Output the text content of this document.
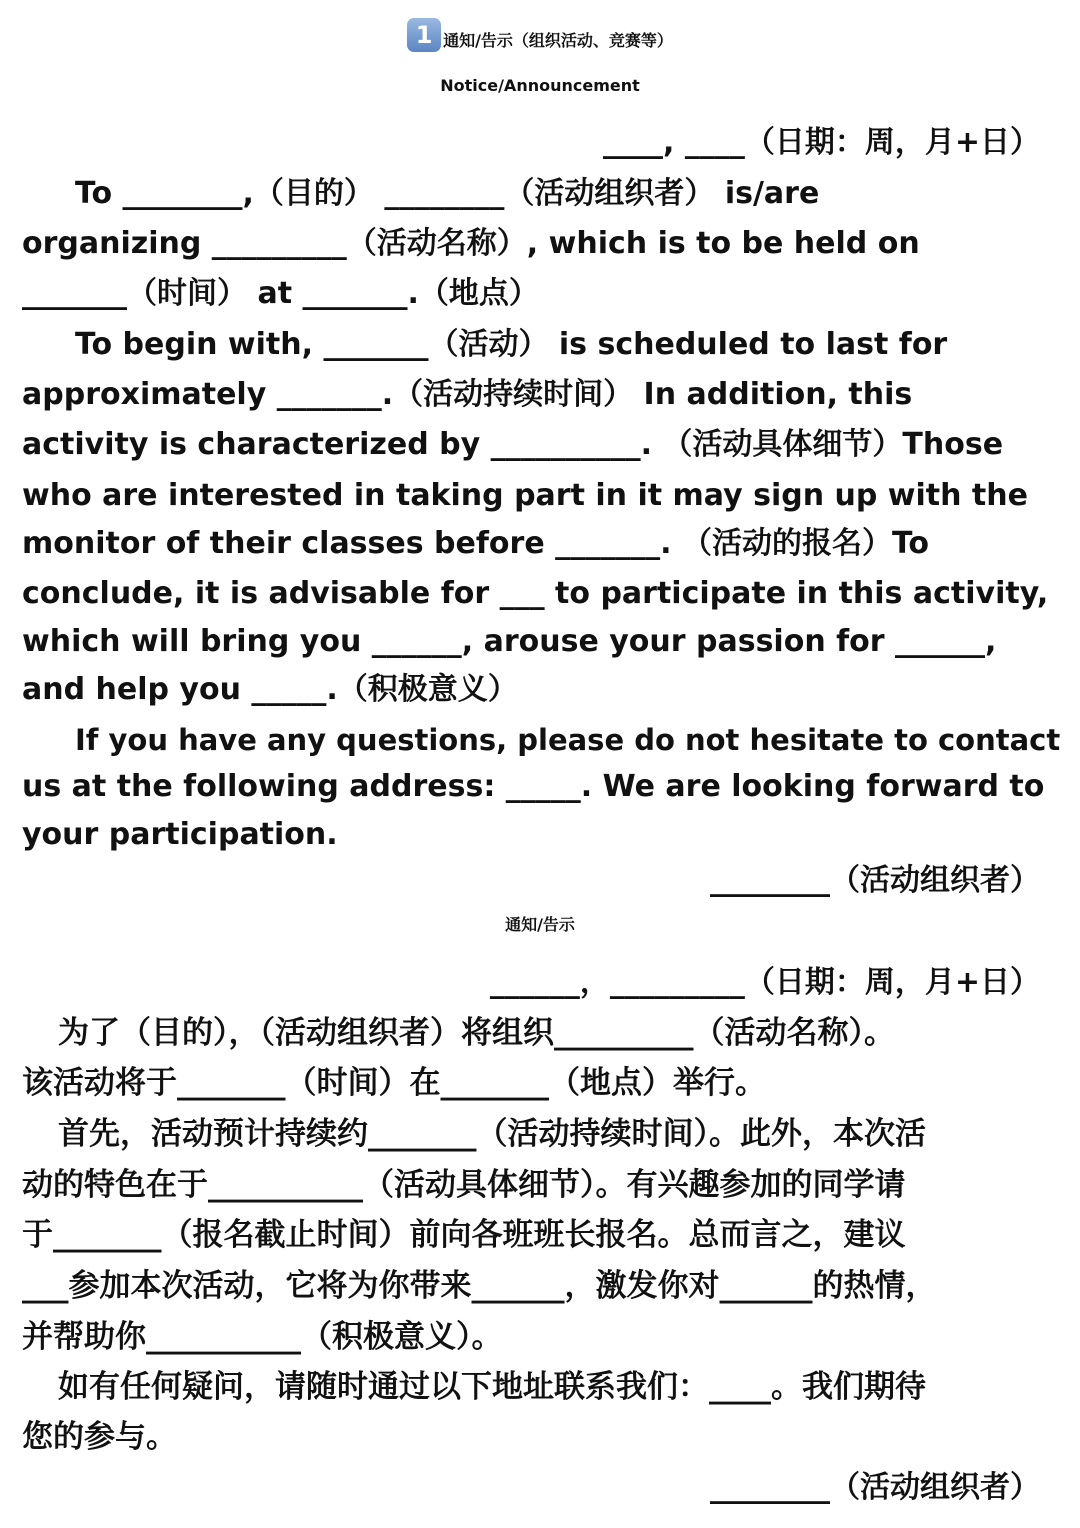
1 通知/告示（组织活动、竞赛等）
Notice/Announcement
____, ____（日期：周，月+日）
To ________,（目的） ________（活动组织者） is/are
organizing _________（活动名称）, which is to be held on
_______（时间） at _______.（地点）
To begin with, _______（活动） is scheduled to last for
approximately _______.（活动持续时间） In addition, this
activity is characterized by __________. （活动具体细节）Those
who are interested in taking part in it may sign up with the
monitor of their classes before _______. （活动的报名）To
conclude, it is advisable for ___ to participate in this activity,
which will bring you ______, arouse your passion for ______,
and help you _____.（积极意义）
If you have any questions, please do not hesitate to contact
us at the following address: _____. We are looking forward to
your participation.
________（活动组织者）
通知/告示
______，_________（日期：周，月+日）
为了（目的），（活动组织者）将组织_________（活动名称）。
该活动将于_______（时间）在_______（地点）举行。
首先，活动预计持续约_______（活动持续时间）。此外，本次活
动的特色在于__________（活动具体细节）。有兴趣参加的同学请
于_______（报名截止时间）前向各班班长报名。总而言之，建议
___参加本次活动，它将为你带来______，激发你对______的热情，
并帮助你__________（积极意义）。
如有任何疑问，请随时通过以下地址联系我们：____。我们期待
您的参与。
________（活动组织者）
